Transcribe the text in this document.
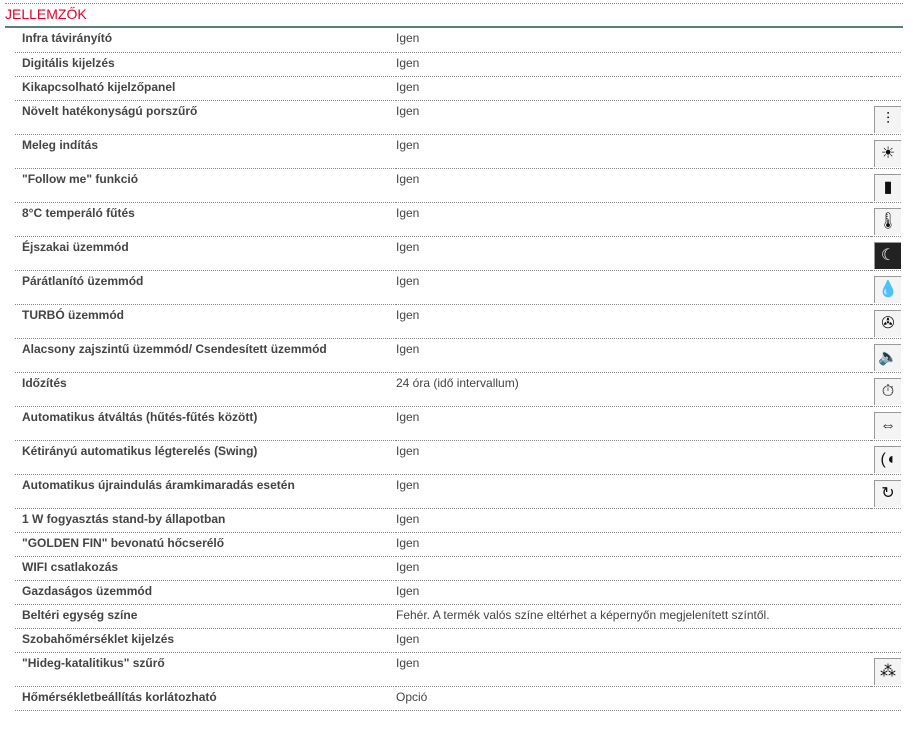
JELLEMZŐK
Infra távirányító	Igen	
Digitális kijelzés	Igen	
Kikapcsolható kijelzőpanel	Igen	
Növelt hatékonyságú porszűrő	Igen	⫶
Meleg indítás	Igen	☀
"Follow me" funkció	Igen	▮
8°C temperáló fűtés	Igen	🌡
Éjszakai üzemmód	Igen	☾
Párátlanító üzemmód	Igen	💧
TURBÓ üzemmód	Igen	✇
Alacsony zajszintű üzemmód/ Csendesített üzemmód	Igen	🔈
Időzítés	24 óra (idő intervallum)	⏱
Automatikus átváltás (hűtés-fűtés között)	Igen	⇔
Kétirányú automatikus légterelés (Swing)	Igen	(◖
Automatikus újraindulás áramkimaradás esetén	Igen	↻
1 W fogyasztás stand-by állapotban	Igen	
"GOLDEN FIN" bevonatú hőcserélő	Igen	
WIFI csatlakozás	Igen	
Gazdaságos üzemmód	Igen	
Beltéri egység színe	Fehér. A termék valós színe eltérhet a képernyőn megjelenített színtől.	
Szobahőmérséklet kijelzés	Igen	
"Hideg-katalitikus" szűrő	Igen	⁂
Hőmérsékletbeállítás korlátozható	Opció	
